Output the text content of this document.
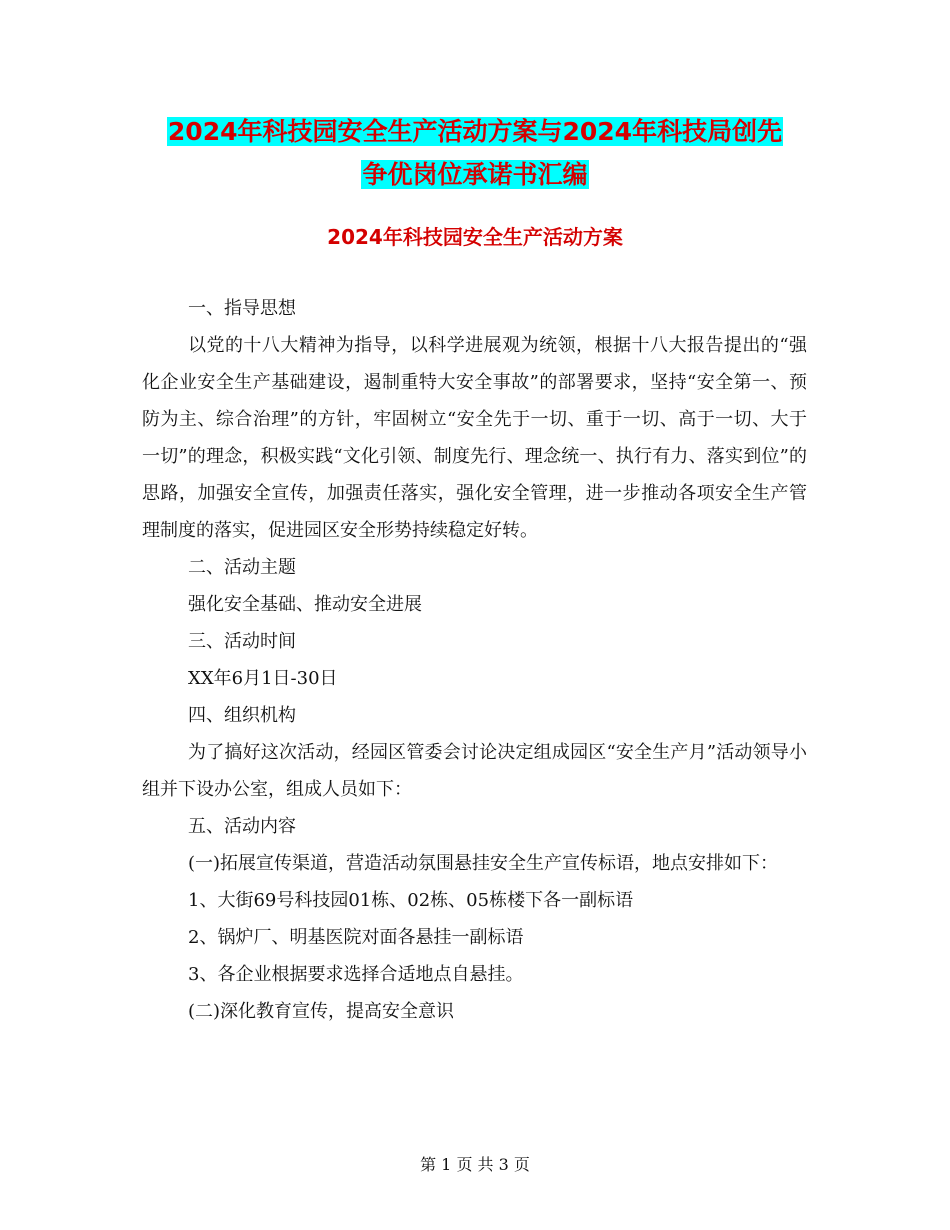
2024年科技园安全生产活动方案与2024年科技局创先
争优岗位承诺书汇编
2024年科技园安全生产活动方案

一、指导思想

以党的十八大精神为指导，以科学进展观为统领，根据十八大报告提出的“强化企业安全生产基础建设，遏制重特大安全事故”的部署要求，坚持“安全第一、预防为主、综合治理”的方针，牢固树立“安全先于一切、重于一切、高于一切、大于一切”的理念，积极实践“文化引领、制度先行、理念统一、执行有力、落实到位”的思路，加强安全宣传，加强责任落实，强化安全管理，进一步推动各项安全生产管理制度的落实，促进园区安全形势持续稳定好转。

二、活动主题

强化安全基础、推动安全进展

三、活动时间

XX年6月1日-30日

四、组织机构

为了搞好这次活动，经园区管委会讨论决定组成园区“安全生产月”活动领导小组并下设办公室，组成人员如下：

五、活动内容

(一)拓展宣传渠道，营造活动氛围悬挂安全生产宣传标语，地点安排如下：

1、大街69号科技园01栋、02栋、05栋楼下各一副标语

2、锅炉厂、明基医院对面各悬挂一副标语

3、各企业根据要求选择合适地点自悬挂。

(二)深化教育宣传，提高安全意识

第 1 页 共 3 页
